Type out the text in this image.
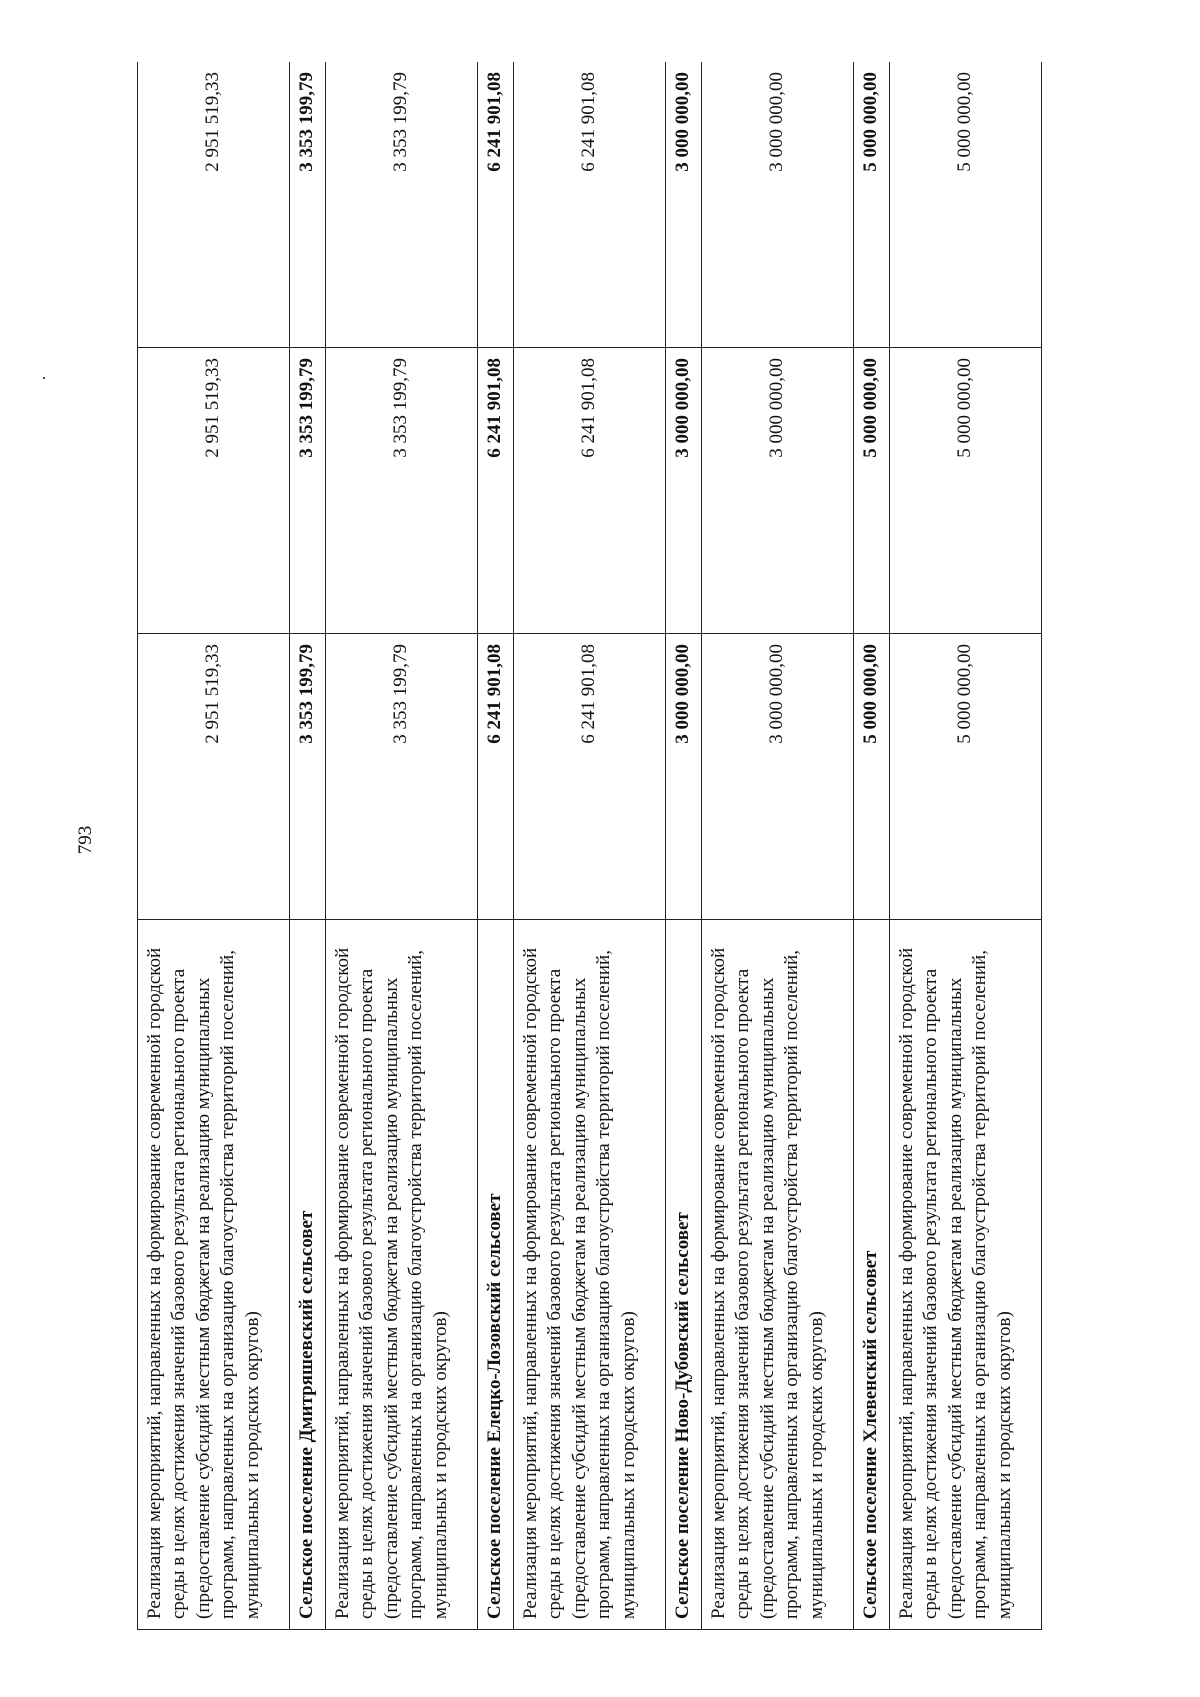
793
Реализация мероприятий, направленных на формирование современной городской среды в целях достижения значений базового результата регионального проекта (предоставление субсидий местным бюджетам на реализацию муниципальных программ, направленных на организацию благоустройства территорий поселений, муниципальных и городских округов)	2 951 519,33	2 951 519,33	2 951 519,33
Сельское поселение Дмитряшевский сельсовет	3 353 199,79	3 353 199,79	3 353 199,79
Реализация мероприятий, направленных на формирование современной городской среды в целях достижения значений базового результата регионального проекта (предоставление субсидий местным бюджетам на реализацию муниципальных программ, направленных на организацию благоустройства территорий поселений, муниципальных и городских округов)	3 353 199,79	3 353 199,79	3 353 199,79
Сельское поселение Елецко-Лозовский сельсовет	6 241 901,08	6 241 901,08	6 241 901,08
Реализация мероприятий, направленных на формирование современной городской среды в целях достижения значений базового результата регионального проекта (предоставление субсидий местным бюджетам на реализацию муниципальных программ, направленных на организацию благоустройства территорий поселений, муниципальных и городских округов)	6 241 901,08	6 241 901,08	6 241 901,08
Сельское поселение Ново-Дубовский сельсовет	3 000 000,00	3 000 000,00	3 000 000,00
Реализация мероприятий, направленных на формирование современной городской среды в целях достижения значений базового результата регионального проекта (предоставление субсидий местным бюджетам на реализацию муниципальных программ, направленных на организацию благоустройства территорий поселений, муниципальных и городских округов)	3 000 000,00	3 000 000,00	3 000 000,00
Сельское поселение Хлевенский сельсовет	5 000 000,00	5 000 000,00	5 000 000,00
Реализация мероприятий, направленных на формирование современной городской среды в целях достижения значений базового результата регионального проекта (предоставление субсидий местным бюджетам на реализацию муниципальных программ, направленных на организацию благоустройства территорий поселений, муниципальных и городских округов)	5 000 000,00	5 000 000,00	5 000 000,00
